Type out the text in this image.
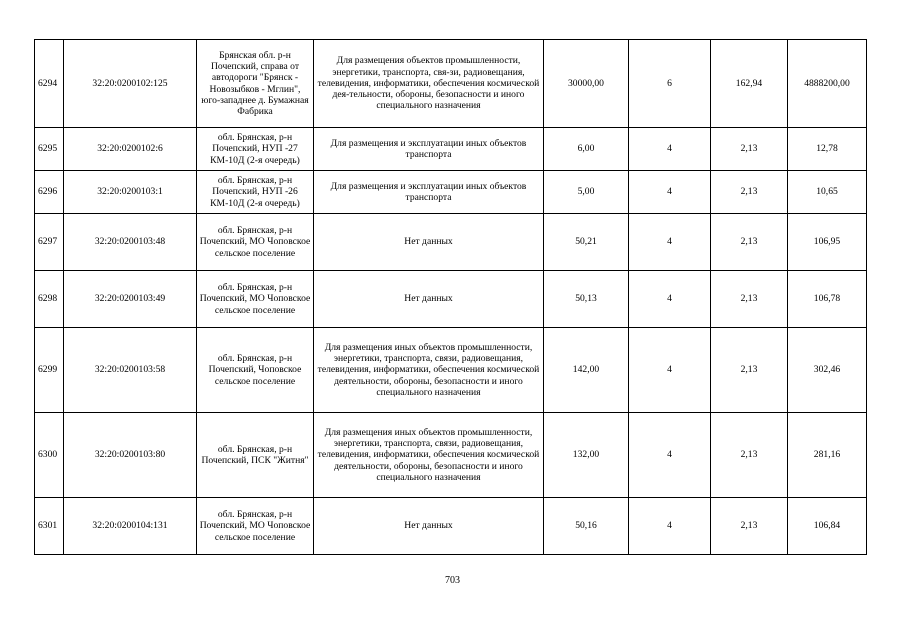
6294	32:20:0200102:125	Брянская обл. р-н Почепский, справа от автодороги "Брянск - Новозыбков - Мглин", юго-западнее д. Бумажная Фабрика	Для размещения объектов промышленности, энергетики, транспорта, свя-зи, радиовещания, телевидения, информатики, обеспечения космической дея-тельности, обороны, безопасности и иного специального назначения	30000,00	6	162,94	4888200,00
6295	32:20:0200102:6	обл. Брянская, р-н Почепский, НУП -27 КМ-10Д (2-я очередь)	Для размещения и эксплуатации иных объектов транспорта	6,00	4	2,13	12,78
6296	32:20:0200103:1	обл. Брянская, р-н Почепский, НУП -26 КМ-10Д (2-я очередь)	Для размещения и эксплуатации иных объектов транспорта	5,00	4	2,13	10,65
6297	32:20:0200103:48	обл. Брянская, р-н Почепский, МО Чоповское сельское поселение	Нет данных	50,21	4	2,13	106,95
6298	32:20:0200103:49	обл. Брянская, р-н Почепский, МО Чоповское сельское поселение	Нет данных	50,13	4	2,13	106,78
6299	32:20:0200103:58	обл. Брянская, р-н Почепский, Чоповское сельское поселение	Для размещения иных объектов промышленности, энергетики, транспорта, связи, радиовещания, телевидения, информатики, обеспечения космической деятельности, обороны, безопасности и иного специального назначения	142,00	4	2,13	302,46
6300	32:20:0200103:80	обл. Брянская, р-н Почепский, ПСК "Житня"	Для размещения иных объектов промышленности, энергетики, транспорта, связи, радиовещания, телевидения, информатики, обеспечения космической деятельности, обороны, безопасности и иного специального назначения	132,00	4	2,13	281,16
6301	32:20:0200104:131	обл. Брянская, р-н Почепский, МО Чоповское сельское поселение	Нет данных	50,16	4	2,13	106,84
703
